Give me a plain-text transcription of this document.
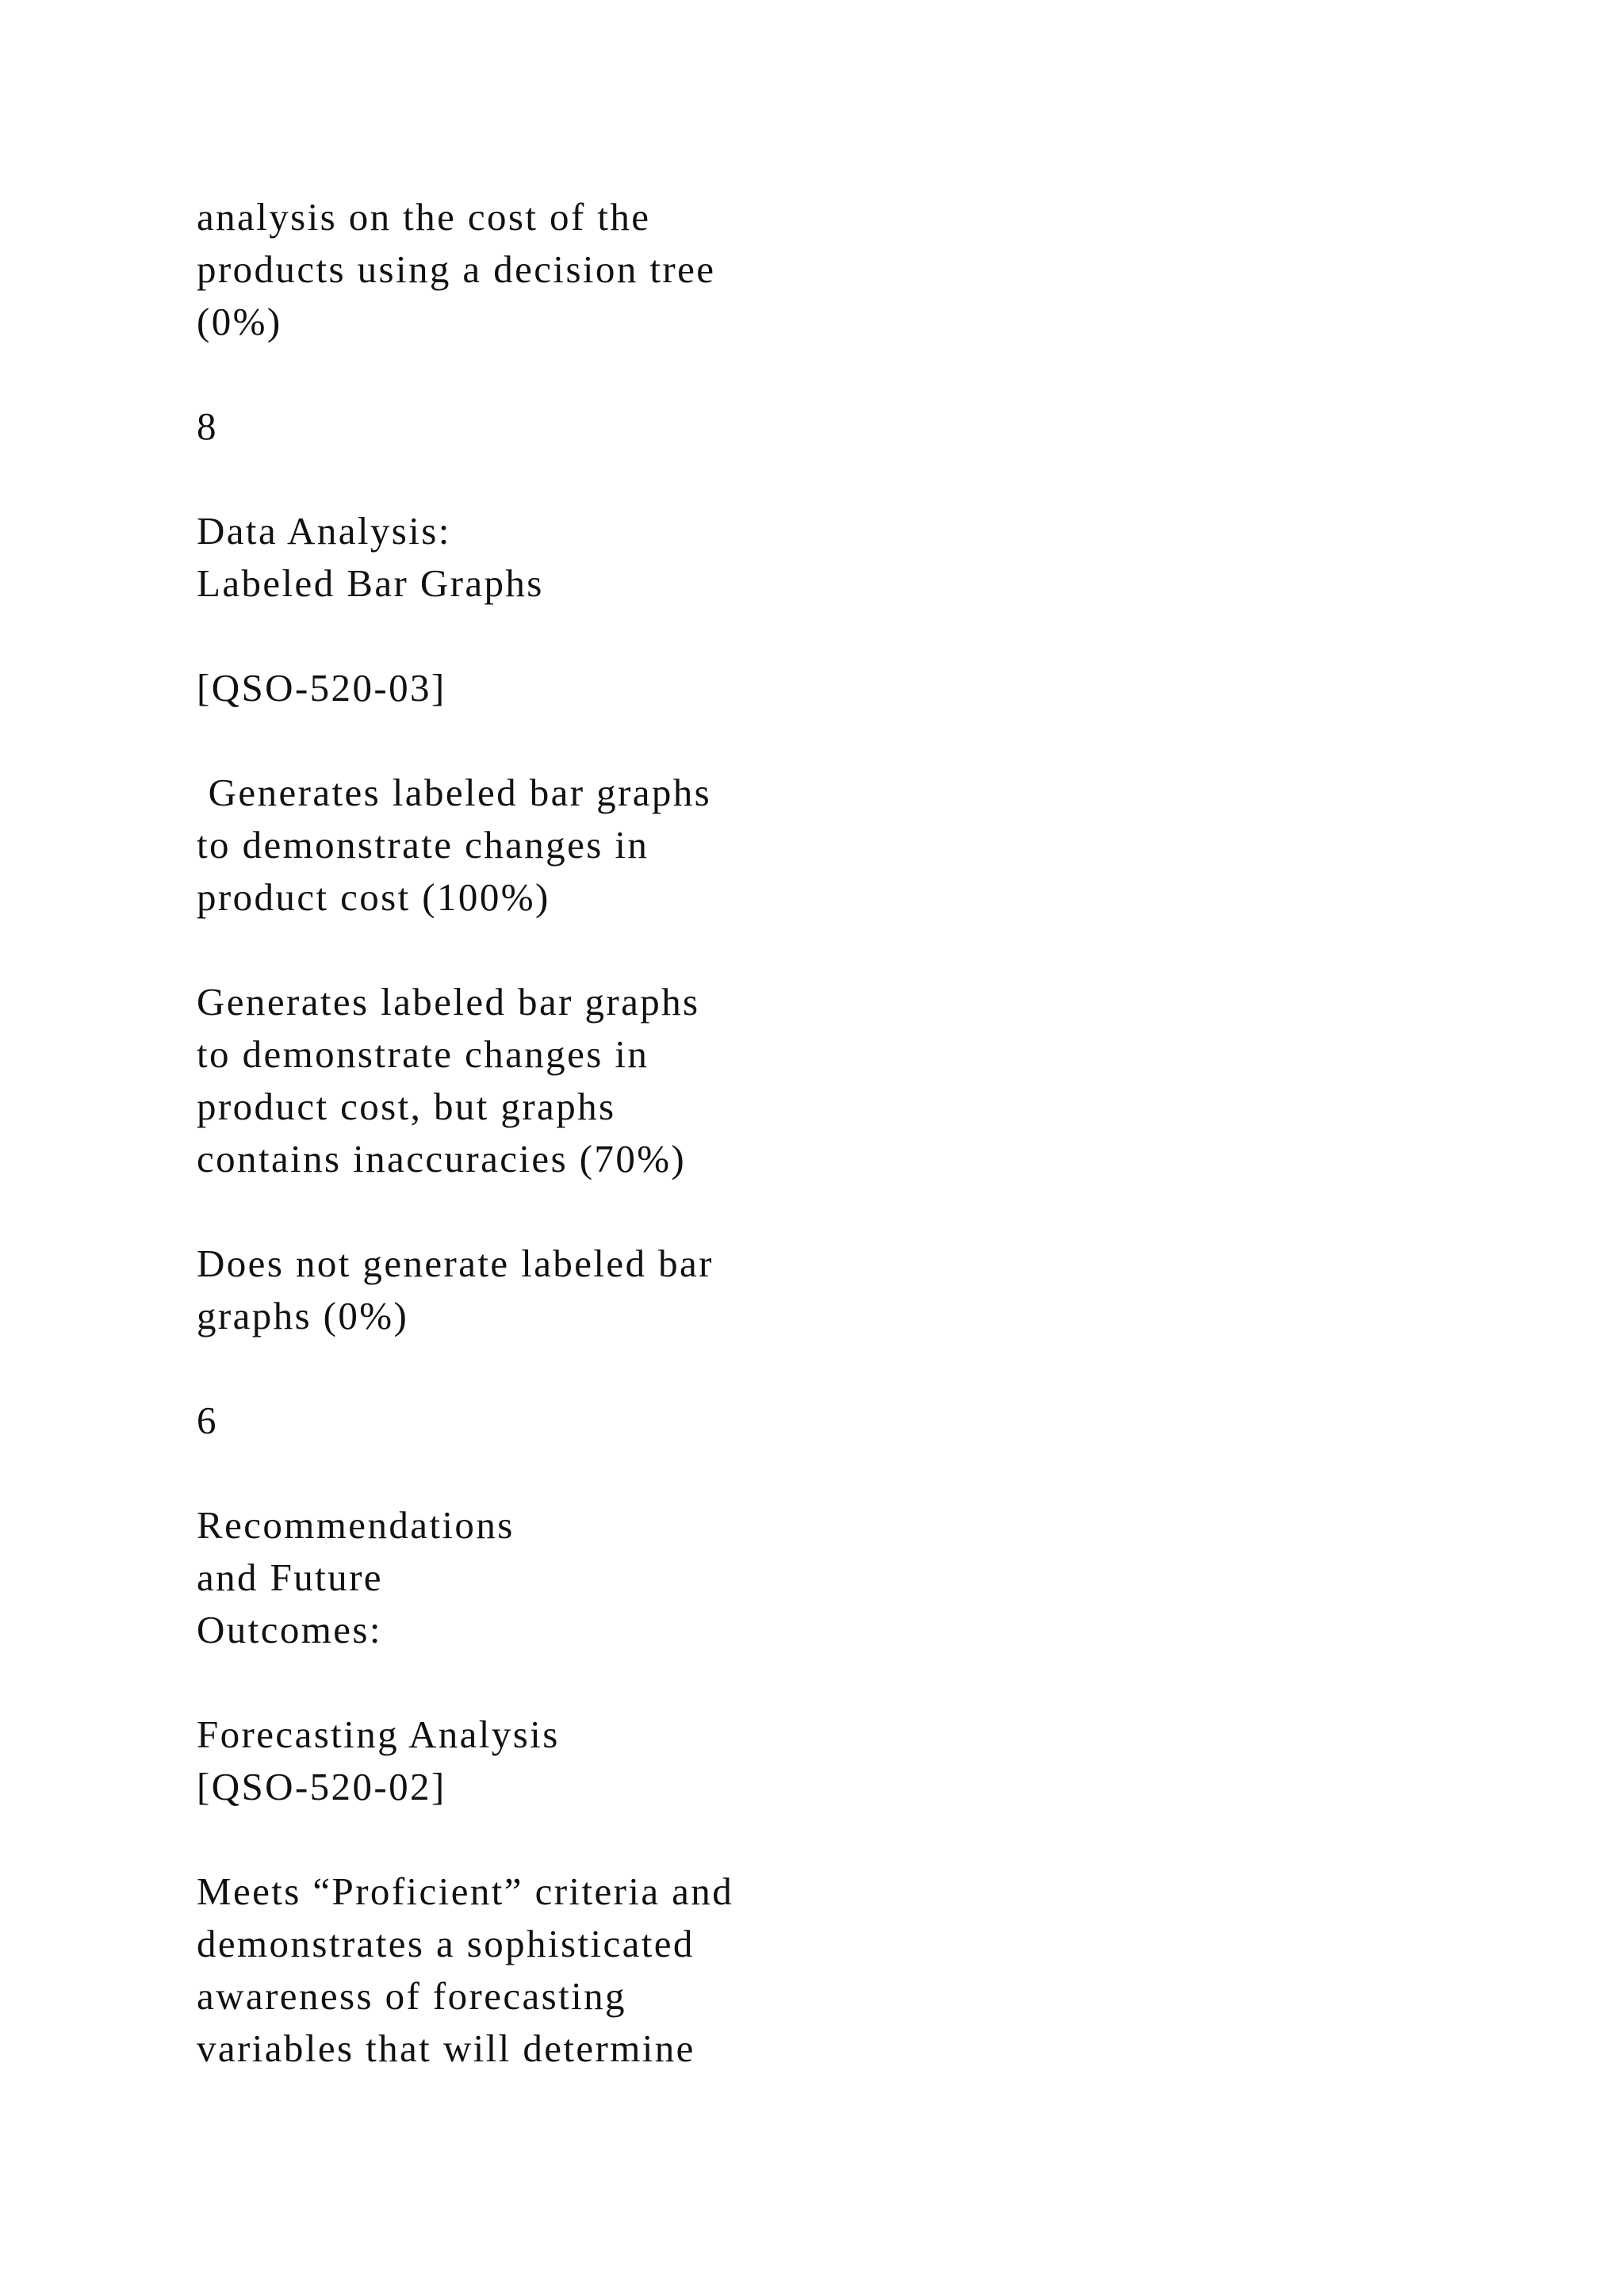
analysis on the cost of the
products using a decision tree
(0%)

8

Data Analysis:
Labeled Bar Graphs

[QSO-520-03]

Generates labeled bar graphs
to demonstrate changes in
product cost (100%)

Generates labeled bar graphs
to demonstrate changes in
product cost, but graphs
contains inaccuracies (70%)

Does not generate labeled bar
graphs (0%)

6

Recommendations
and Future
Outcomes:

Forecasting Analysis
[QSO-520-02]

Meets “Proficient” criteria and
demonstrates a sophisticated
awareness of forecasting
variables that will determine
